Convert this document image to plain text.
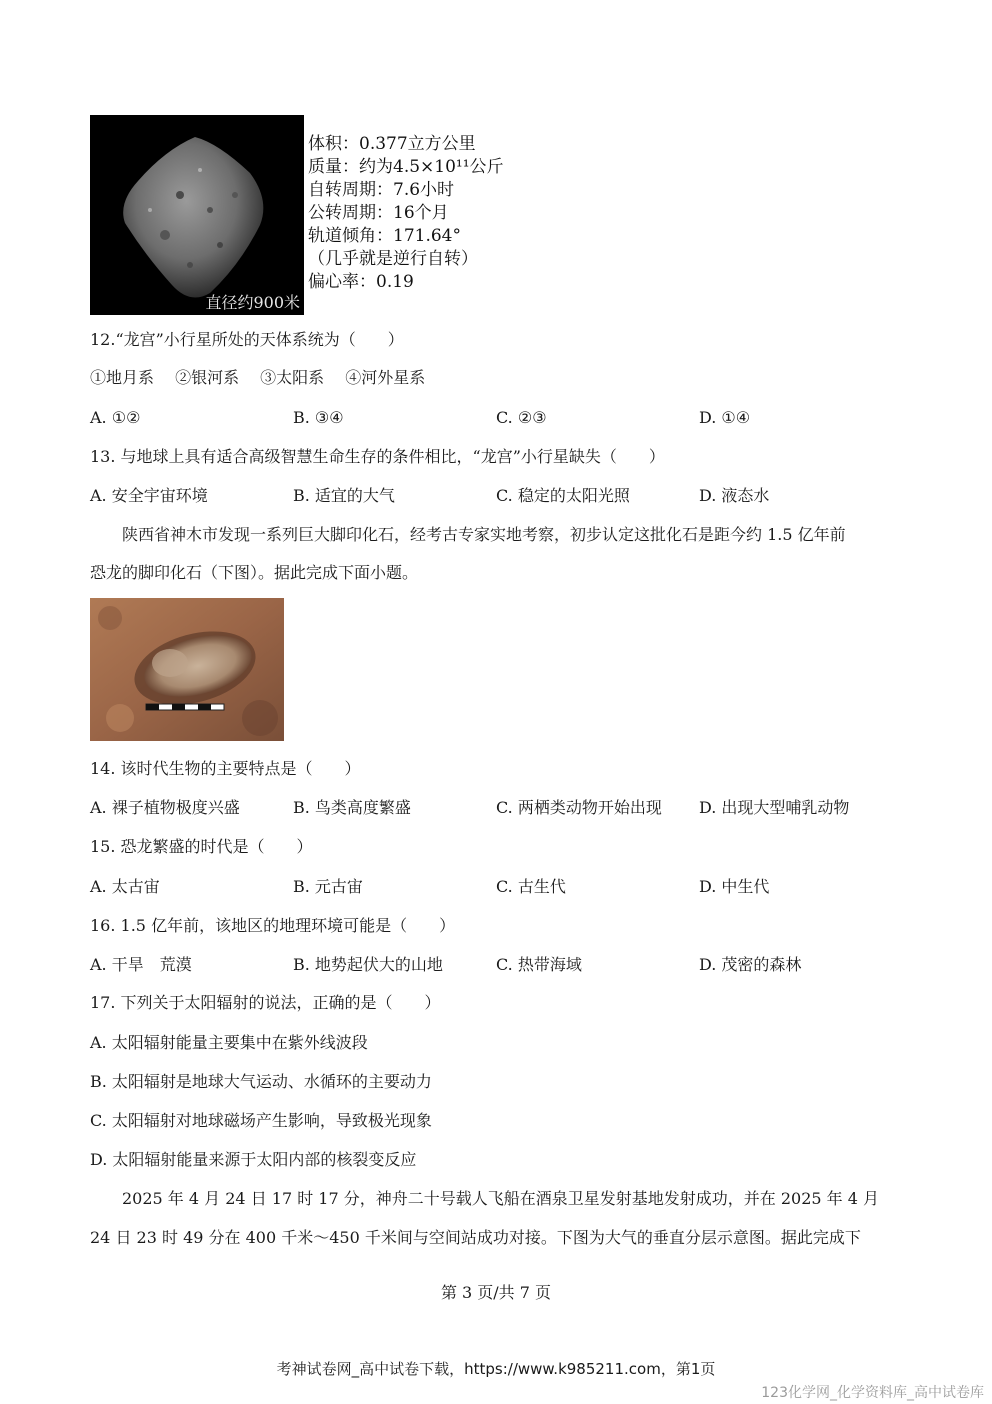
直径约900米
体积：0.377立方公里
质量：约为4.5×10¹¹公斤
自转周期：7.6小时
公转周期：16个月
轨道倾角：171.64°
（几乎就是逆行自转）
偏心率：0.19
12.“龙宫”小行星所处的天体系统为（　　）
①地月系　 ②银河系　 ③太阳系　 ④河外星系
A. ①②	B. ③④	C. ②③	D. ①④
13. 与地球上具有适合高级智慧生命生存的条件相比，“龙宫”小行星缺失（　　）
A. 安全宇宙环境	B. 适宜的大气	C. 稳定的太阳光照	D. 液态水
陕西省神木市发现一系列巨大脚印化石，经考古专家实地考察，初步认定这批化石是距今约 1.5 亿年前
恐龙的脚印化石（下图）。据此完成下面小题。
14. 该时代生物的主要特点是（　　）
A. 裸子植物极度兴盛	B. 鸟类高度繁盛	C. 两栖类动物开始出现 D. 出现大型哺乳动物
15. 恐龙繁盛的时代是（　　）
A. 太古宙	B. 元古宙	C. 古生代	D. 中生代
16. 1.5 亿年前，该地区的地理环境可能是（　　）
A. 干旱　荒漠	B. 地势起伏大的山地	C. 热带海域	D. 茂密的森林
17. 下列关于太阳辐射的说法，正确的是（　　）
A. 太阳辐射能量主要集中在紫外线波段
B. 太阳辐射是地球大气运动、水循环的主要动力
C. 太阳辐射对地球磁场产生影响，导致极光现象
D. 太阳辐射能量来源于太阳内部的核裂变反应
2025 年 4 月 24 日 17 时 17 分，神舟二十号载人飞船在酒泉卫星发射基地发射成功，并在 2025 年 4 月
24 日 23 时 49 分在 400 千米～450 千米间与空间站成功对接。下图为大气的垂直分层示意图。据此完成下
第 3 页/共 7 页
考神试卷网_高中试卷下载，https://www.k985211.com，第1页
123化学网_化学资料库_高中试卷库
